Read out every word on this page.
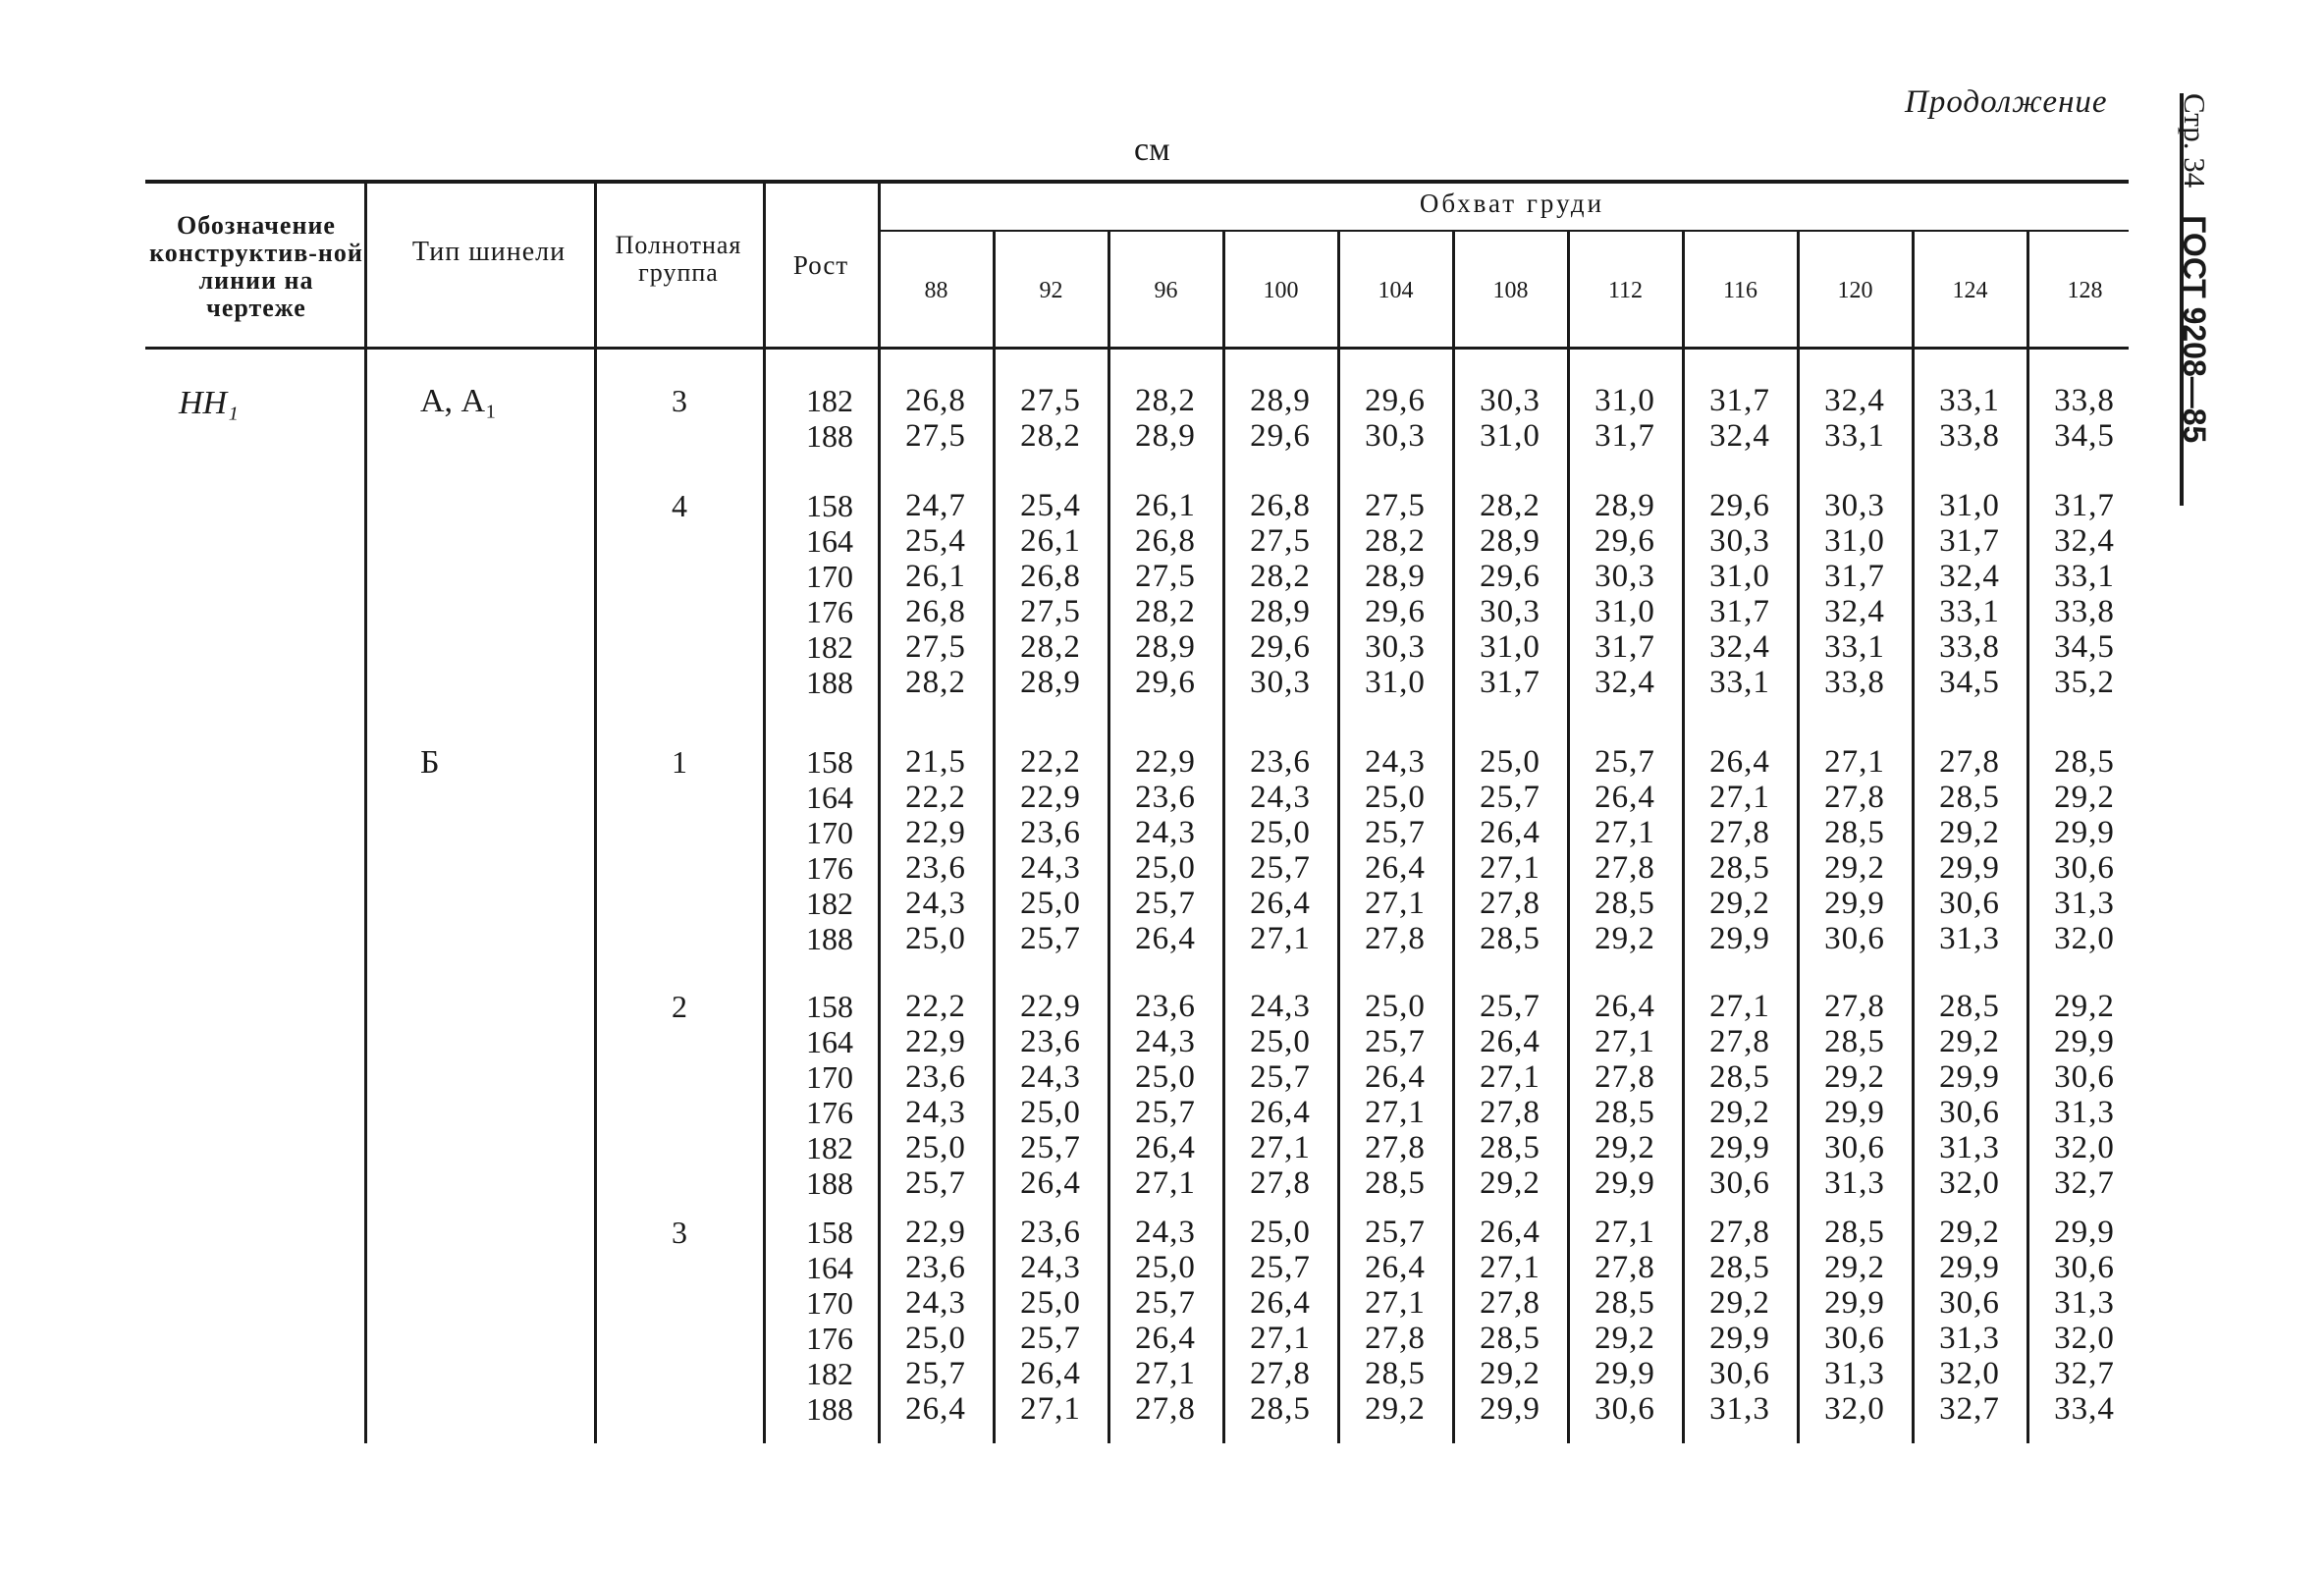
Продолжение
см	Стр. 34
ГОСТ 9208—85
Обозначение конструктив-ной линии на чертеже
Тип шинели	Полнотная группа	Рост
Обхват груди
88	92	96	100	104	108	112	116	120	124	128
HH₁	А, А₁	3	182	26,8	27,5	28,2	28,9	29,6	30,3	31,0	31,7	32,4	33,1	33,8
188	27,5	28,2	28,9	29,6	30,3	31,0	31,7	32,4	33,1	33,8	34,5
4	158	24,7	25,4	26,1	26,8	27,5	28,2	28,9	29,6	30,3	31,0	31,7
164	25,4	26,1	26,8	27,5	28,2	28,9	29,6	30,3	31,0	31,7	32,4
170	26,1	26,8	27,5	28,2	28,9	29,6	30,3	31,0	31,7	32,4	33,1
176	26,8	27,5	28,2	28,9	29,6	30,3	31,0	31,7	32,4	33,1	33,8
182	27,5	28,2	28,9	29,6	30,3	31,0	31,7	32,4	33,1	33,8	34,5
188	28,2	28,9	29,6	30,3	31,0	31,7	32,4	33,1	33,8	34,5	35,2
Б	1	158	21,5	22,2	22,9	23,6	24,3	25,0	25,7	26,4	27,1	27,8	28,5
164	22,2	22,9	23,6	24,3	25,0	25,7	26,4	27,1	27,8	28,5	29,2
170	22,9	23,6	24,3	25,0	25,7	26,4	27,1	27,8	28,5	29,2	29,9
176	23,6	24,3	25,0	25,7	26,4	27,1	27,8	28,5	29,2	29,9	30,6
182	24,3	25,0	25,7	26,4	27,1	27,8	28,5	29,2	29,9	30,6	31,3
188	25,0	25,7	26,4	27,1	27,8	28,5	29,2	29,9	30,6	31,3	32,0
2	158	22,2	22,9	23,6	24,3	25,0	25,7	26,4	27,1	27,8	28,5	29,2
164	22,9	23,6	24,3	25,0	25,7	26,4	27,1	27,8	28,5	29,2	29,9
170	23,6	24,3	25,0	25,7	26,4	27,1	27,8	28,5	29,2	29,9	30,6
176	24,3	25,0	25,7	26,4	27,1	27,8	28,5	29,2	29,9	30,6	31,3
182	25,0	25,7	26,4	27,1	27,8	28,5	29,2	29,9	30,6	31,3	32,0
188	25,7	26,4	27,1	27,8	28,5	29,2	29,9	30,6	31,3	32,0	32,7
3	158	22,9	23,6	24,3	25,0	25,7	26,4	27,1	27,8	28,5	29,2	29,9
164	23,6	24,3	25,0	25,7	26,4	27,1	27,8	28,5	29,2	29,9	30,6
170	24,3	25,0	25,7	26,4	27,1	27,8	28,5	29,2	29,9	30,6	31,3
176	25,0	25,7	26,4	27,1	27,8	28,5	29,2	29,9	30,6	31,3	32,0
182	25,7	26,4	27,1	27,8	28,5	29,2	29,9	30,6	31,3	32,0	32,7
188	26,4	27,1	27,8	28,5	29,2	29,9	30,6	31,3	32,0	32,7	33,4
